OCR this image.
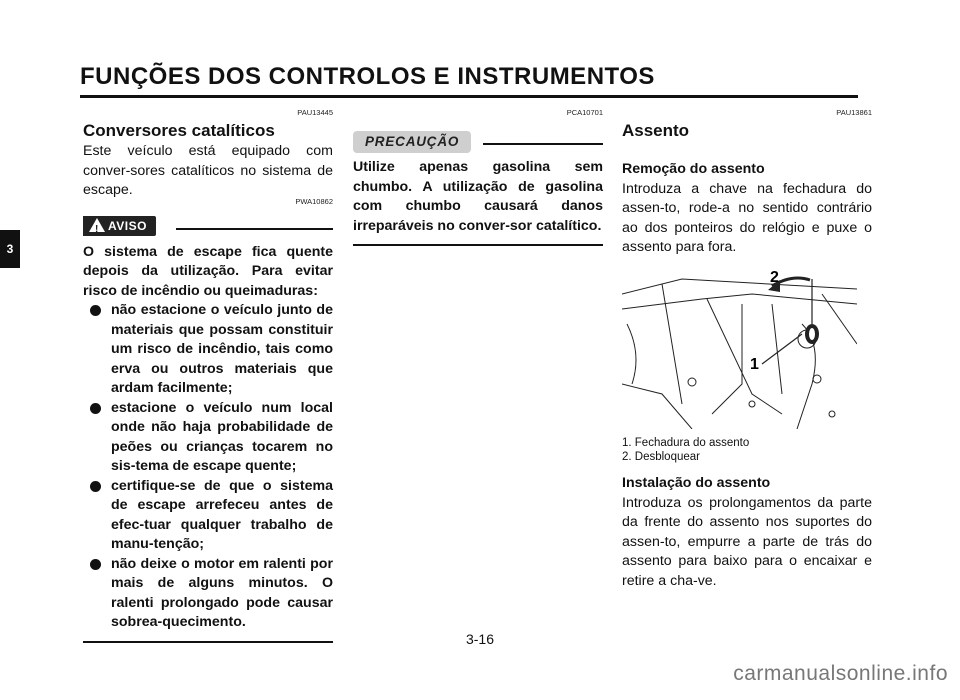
FUNÇÕES DOS CONTROLOS E INSTRUMENTOS
3
PAU13445
Conversores catalíticos

Este veículo está equipado com conver-sores catalíticos no sistema de escape.

PWA10862
! AVISO

O sistema de escape fica quente depois da utilização. Para evitar risco de incêndio ou queimaduras:

não estacione o veículo junto de materiais que possam constituir um risco de incêndio, tais como erva ou outros materiais que ardam facilmente;
estacione o veículo num local onde não haja probabilidade de peões ou crianças tocarem no sis-tema de escape quente;
certifique-se de que o sistema de escape arrefeceu antes de efec-tuar qualquer trabalho de manu-tenção;
não deixe o motor em ralenti por mais de alguns minutos. O ralenti prolongado pode causar sobrea-quecimento.
PCA10701
PRECAUÇÃO

Utilize apenas gasolina sem chumbo. A utilização de gasolina com chumbo causará danos irreparáveis no conver-sor catalítico.

PAU13861
Assento
Remoção do assento

Introduza a chave na fechadura do assen-to, rode-a no sentido contrário ao dos ponteiros do relógio e puxe o assento para fora.

2
1
1. Fechadura do assento
2. Desbloquear
Instalação do assento

Introduza os prolongamentos da parte da frente do assento nos suportes do assen-to, empurre a parte de trás do assento para baixo para o encaixar e retire a cha-ve.

3-16
carmanualsonline.info
